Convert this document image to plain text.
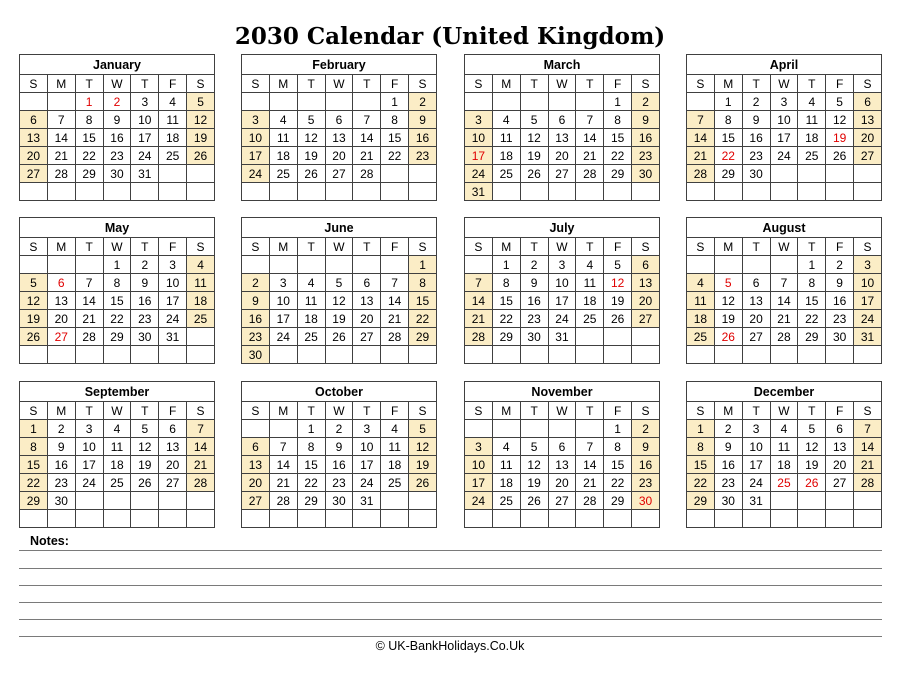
2030 Calendar (United Kingdom)
January						
S	M	T	W	T	F	S
		1	2	3	4	5
6	7	8	9	10	11	12
13	14	15	16	17	18	19
20	21	22	23	24	25	26
27	28	29	30	31		

February						
S	M	T	W	T	F	S
					1	2
3	4	5	6	7	8	9
10	11	12	13	14	15	16
17	18	19	20	21	22	23
24	25	26	27	28		

March						
S	M	T	W	T	F	S
					1	2
3	4	5	6	7	8	9
10	11	12	13	14	15	16
17	18	19	20	21	22	23
24	25	26	27	28	29	30
31						
April						
S	M	T	W	T	F	S
	1	2	3	4	5	6
7	8	9	10	11	12	13
14	15	16	17	18	19	20
21	22	23	24	25	26	27
28	29	30				

May						
S	M	T	W	T	F	S
			1	2	3	4
5	6	7	8	9	10	11
12	13	14	15	16	17	18
19	20	21	22	23	24	25
26	27	28	29	30	31	

June						
S	M	T	W	T	F	S
						1
2	3	4	5	6	7	8
9	10	11	12	13	14	15
16	17	18	19	20	21	22
23	24	25	26	27	28	29
30						
July						
S	M	T	W	T	F	S
	1	2	3	4	5	6
7	8	9	10	11	12	13
14	15	16	17	18	19	20
21	22	23	24	25	26	27
28	29	30	31			

August						
S	M	T	W	T	F	S
				1	2	3
4	5	6	7	8	9	10
11	12	13	14	15	16	17
18	19	20	21	22	23	24
25	26	27	28	29	30	31

September						
S	M	T	W	T	F	S
1	2	3	4	5	6	7
8	9	10	11	12	13	14
15	16	17	18	19	20	21
22	23	24	25	26	27	28
29	30					

October						
S	M	T	W	T	F	S
		1	2	3	4	5
6	7	8	9	10	11	12
13	14	15	16	17	18	19
20	21	22	23	24	25	26
27	28	29	30	31		

November						
S	M	T	W	T	F	S
					1	2
3	4	5	6	7	8	9
10	11	12	13	14	15	16
17	18	19	20	21	22	23
24	25	26	27	28	29	30

December						
S	M	T	W	T	F	S
1	2	3	4	5	6	7
8	9	10	11	12	13	14
15	16	17	18	19	20	21
22	23	24	25	26	27	28
29	30	31				

Notes:
© UK-BankHolidays.Co.Uk
